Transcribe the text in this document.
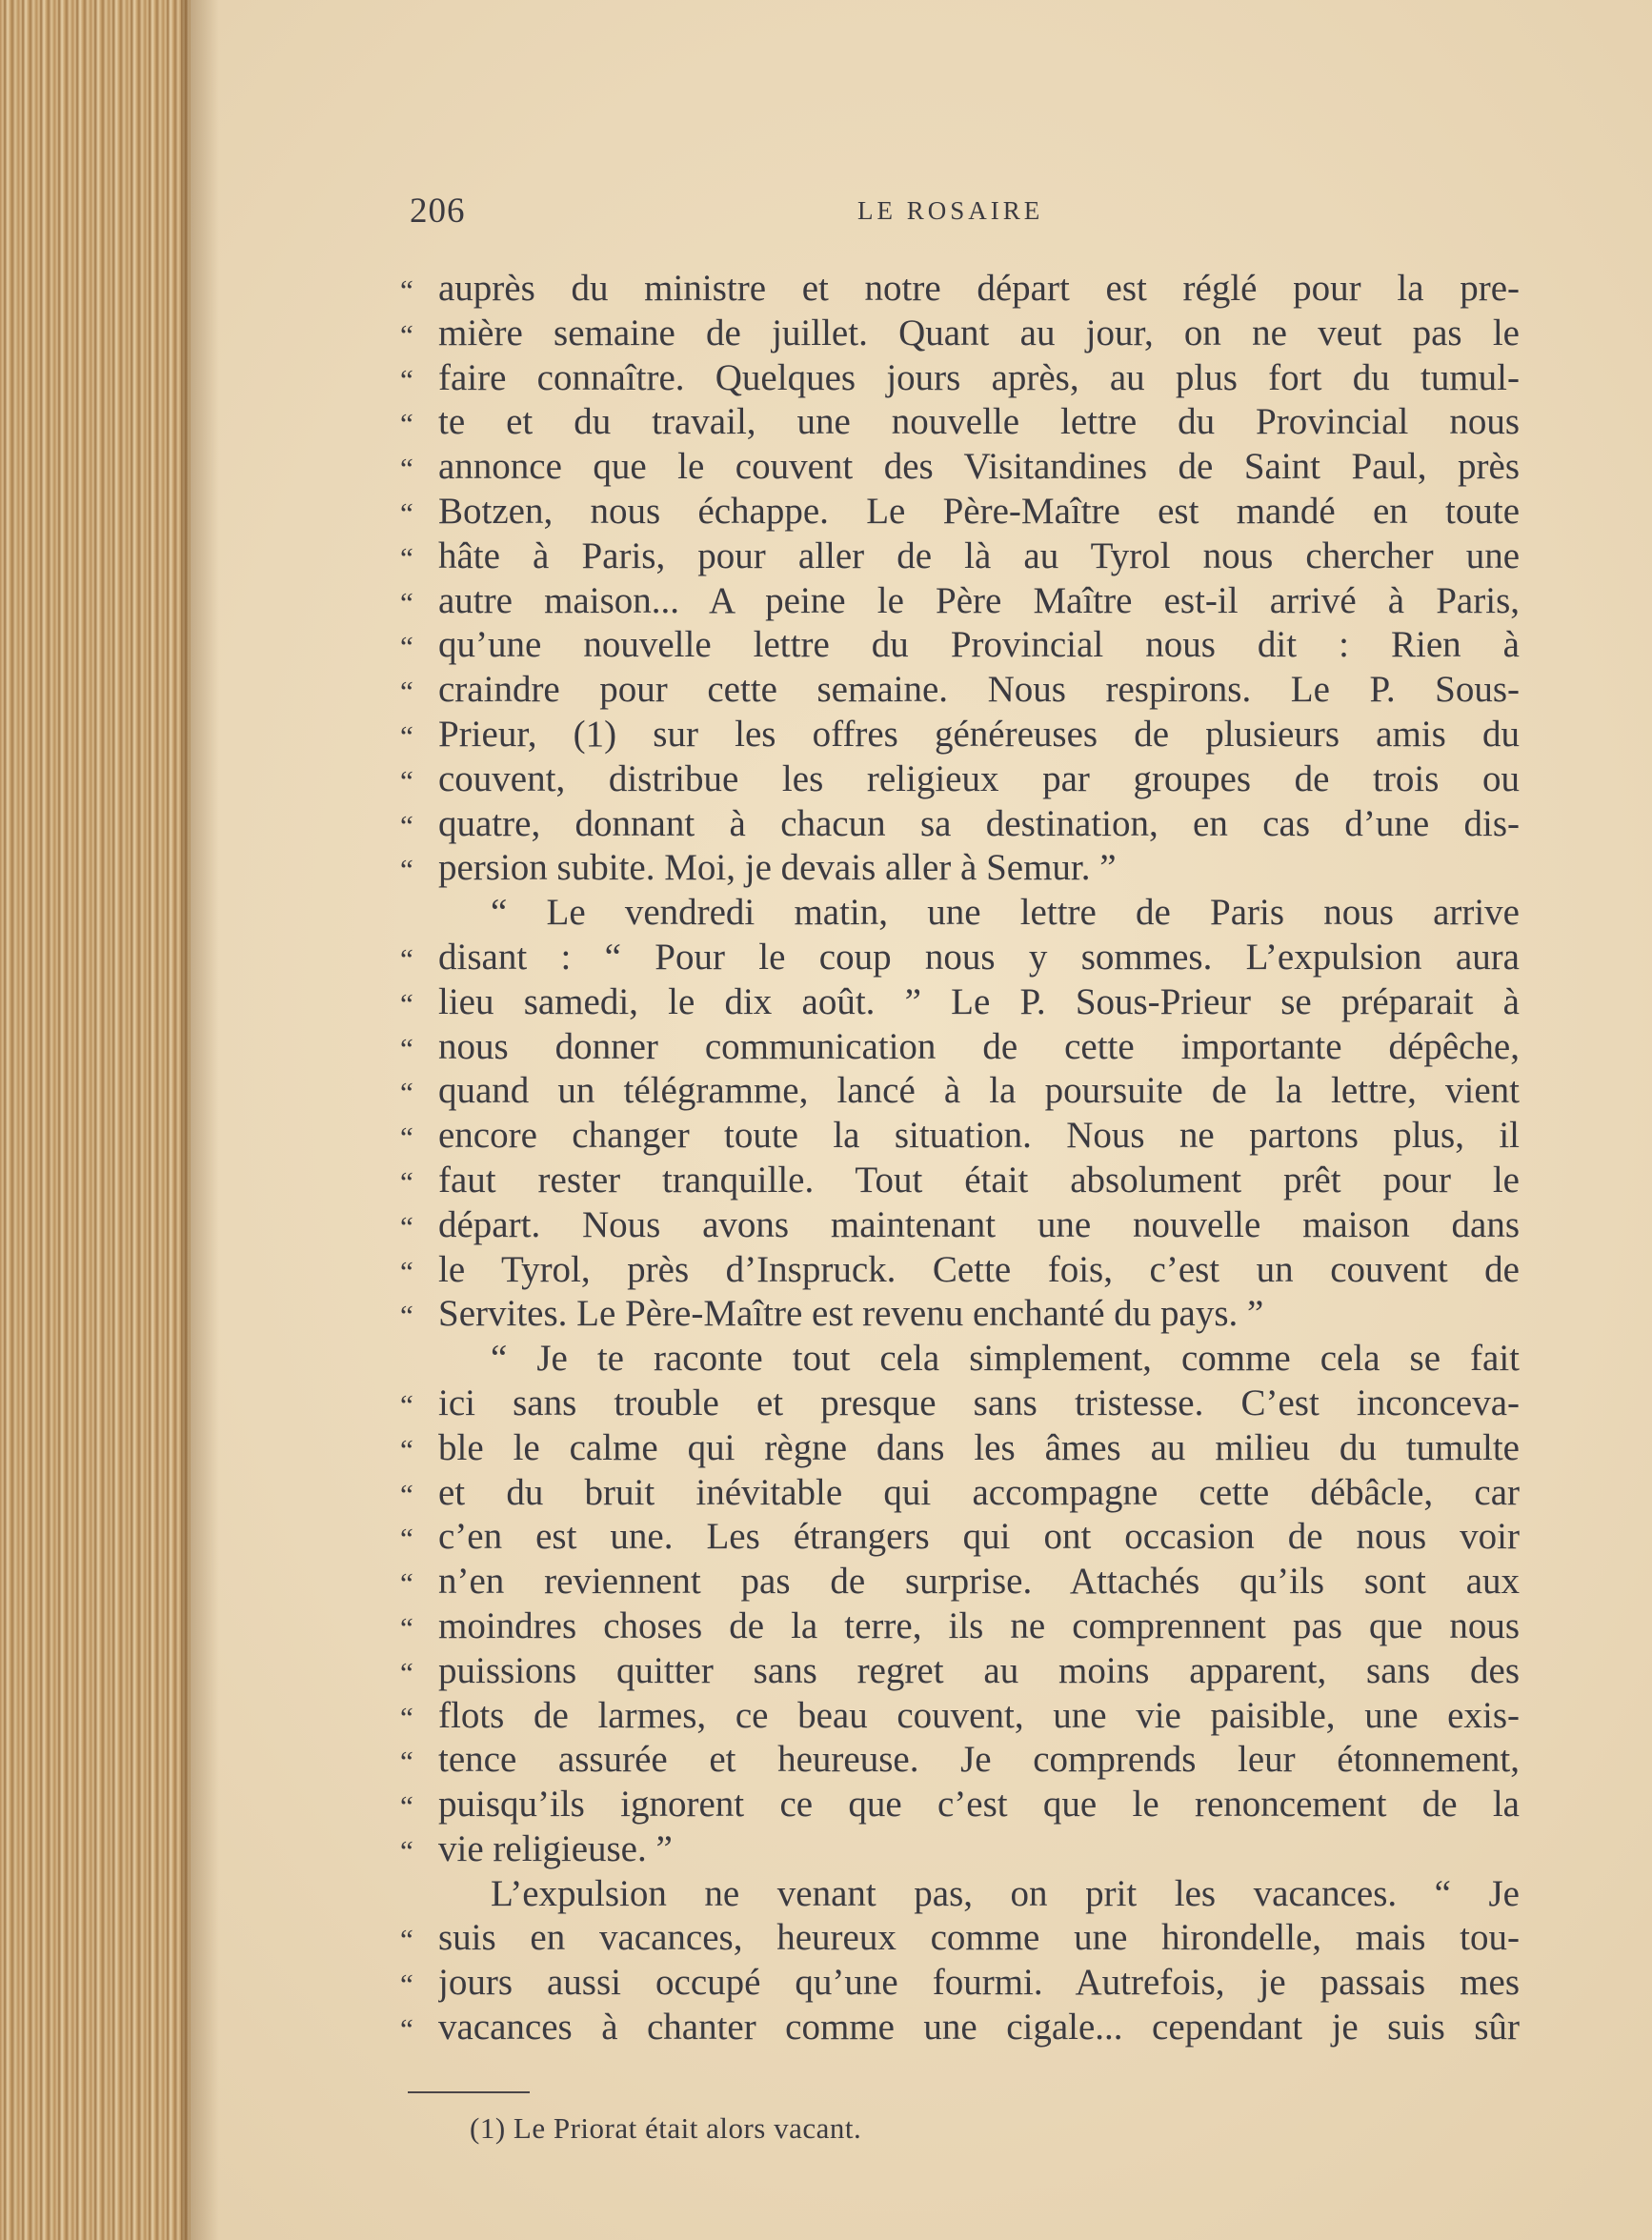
206	LE ROSAIRE
“ auprès du ministre et notre départ est réglé pour la pre-
“ mière semaine de juillet. Quant au jour, on ne veut pas le
“ faire connaître. Quelques jours après, au plus fort du tumul-
“ te et du travail, une nouvelle lettre du Provincial nous
“ annonce que le couvent des Visitandines de Saint Paul, près
“ Botzen, nous échappe. Le Père-Maître est mandé en toute
“ hâte à Paris, pour aller de là au Tyrol nous chercher une
“ autre maison... A peine le Père Maître est-il arrivé à Paris,
“ qu’une nouvelle lettre du Provincial nous dit : Rien à
“ craindre pour cette semaine. Nous respirons. Le P. Sous-
“ Prieur, (1) sur les offres généreuses de plusieurs amis du
“ couvent, distribue les religieux par groupes de trois ou
“ quatre, donnant à chacun sa destination, en cas d’une dis-
“ persion subite. Moi, je devais aller à Semur. ”
“ Le vendredi matin, une lettre de Paris nous arrive
“ disant : “ Pour le coup nous y sommes. L’expulsion aura
“ lieu samedi, le dix août. ” Le P. Sous-Prieur se préparait à
“ nous donner communication de cette importante dépêche,
“ quand un télégramme, lancé à la poursuite de la lettre, vient
“ encore changer toute la situation. Nous ne partons plus, il
“ faut rester tranquille. Tout était absolument prêt pour le
“ départ. Nous avons maintenant une nouvelle maison dans
“ le Tyrol, près d’Inspruck. Cette fois, c’est un couvent de
“ Servites. Le Père-Maître est revenu enchanté du pays. ”
“ Je te raconte tout cela simplement, comme cela se fait
“ ici sans trouble et presque sans tristesse. C’est inconceva-
“ ble le calme qui règne dans les âmes au milieu du tumulte
“ et du bruit inévitable qui accompagne cette débâcle, car
“ c’en est une. Les étrangers qui ont occasion de nous voir
“ n’en reviennent pas de surprise. Attachés qu’ils sont aux
“ moindres choses de la terre, ils ne comprennent pas que nous
“ puissions quitter sans regret au moins apparent, sans des
“ flots de larmes, ce beau couvent, une vie paisible, une exis-
“ tence assurée et heureuse. Je comprends leur étonnement,
“ puisqu’ils ignorent ce que c’est que le renoncement de la
“ vie religieuse. ”
L’expulsion ne venant pas, on prit les vacances. “ Je
“ suis en vacances, heureux comme une hirondelle, mais tou-
“ jours aussi occupé qu’une fourmi. Autrefois, je passais mes
“ vacances à chanter comme une cigale... cependant je suis sûr
(1) Le Priorat était alors vacant.
